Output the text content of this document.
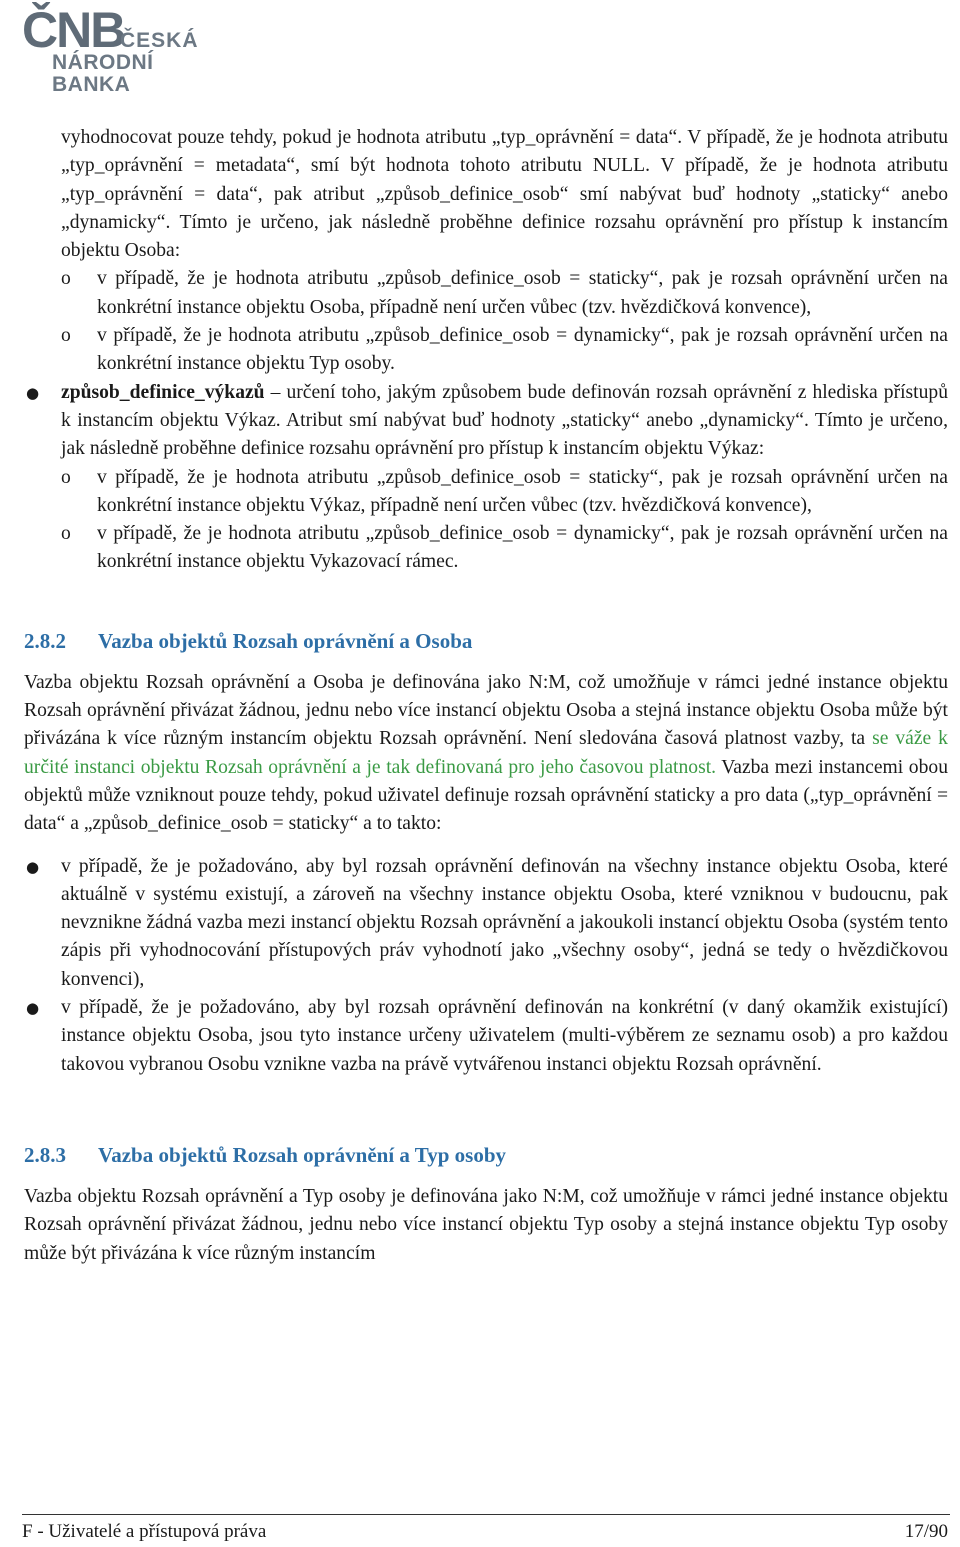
ČNB
ČESKÁ
NÁRODNÍ BANKA

vyhodnocovat pouze tehdy, pokud je hodnota atributu „typ_oprávnění = data“. V případě, že je hodnota atributu „typ_oprávnění = metadata“, smí být hodnota tohoto atributu NULL. V případě, že je hodnota atributu „typ_oprávnění = data“, pak atribut „způsob_definice_osob“ smí nabývat buď hodnoty „staticky“ anebo „dynamicky“. Tímto je určeno, jak následně proběhne definice rozsahu oprávnění pro přístup k instancím objektu Osoba:

o v případě, že je hodnota atributu „způsob_definice_osob = staticky“, pak je rozsah oprávnění určen na konkrétní instance objektu Osoba, případně není určen vůbec (tzv. hvězdičková konvence),
o v případě, že je hodnota atributu „způsob_definice_osob = dynamicky“, pak je rozsah oprávnění určen na konkrétní instance objektu Typ osoby.
● způsob_definice_výkazů – určení toho, jakým způsobem bude definován rozsah oprávnění z hlediska přístupů k instancím objektu Výkaz. Atribut smí nabývat buď hodnoty „staticky“ anebo „dynamicky“. Tímto je určeno, jak následně proběhne definice rozsahu oprávnění pro přístup k instancím objektu Výkaz:
o v případě, že je hodnota atributu „způsob_definice_osob = staticky“, pak je rozsah oprávnění určen na konkrétní instance objektu Výkaz, případně není určen vůbec (tzv. hvězdičková konvence),
o v případě, že je hodnota atributu „způsob_definice_osob = dynamicky“, pak je rozsah oprávnění určen na konkrétní instance objektu Vykazovací rámec.
2.8.2 Vazba objektů Rozsah oprávnění a Osoba

Vazba objektu Rozsah oprávnění a Osoba je definována jako N:M, což umožňuje v rámci jedné instance objektu Rozsah oprávnění přivázat žádnou, jednu nebo více instancí objektu Osoba a stejná instance objektu Osoba může být přivázána k více různým instancím objektu Rozsah oprávnění. Není sledována časová platnost vazby, ta se váže k určité instanci objektu Rozsah oprávnění a je tak definovaná pro jeho časovou platnost. Vazba mezi instancemi obou objektů může vzniknout pouze tehdy, pokud uživatel definuje rozsah oprávnění staticky a pro data („typ_oprávnění = data“ a „způsob_definice_osob = staticky“ a to takto:

● v případě, že je požadováno, aby byl rozsah oprávnění definován na všechny instance objektu Osoba, které aktuálně v systému existují, a zároveň na všechny instance objektu Osoba, které vzniknou v budoucnu, pak nevznikne žádná vazba mezi instancí objektu Rozsah oprávnění a jakoukoli instancí objektu Osoba (systém tento zápis při vyhodnocování přístupových práv vyhodnotí jako „všechny osoby“, jedná se tedy o hvězdičkovou konvenci),
● v případě, že je požadováno, aby byl rozsah oprávnění definován na konkrétní (v daný okamžik existující) instance objektu Osoba, jsou tyto instance určeny uživatelem (multi-výběrem ze seznamu osob) a pro každou takovou vybranou Osobu vznikne vazba na právě vytvářenou instanci objektu Rozsah oprávnění.
2.8.3 Vazba objektů Rozsah oprávnění a Typ osoby

Vazba objektu Rozsah oprávnění a Typ osoby je definována jako N:M, což umožňuje v rámci jedné instance objektu Rozsah oprávnění přivázat žádnou, jednu nebo více instancí objektu Typ osoby a stejná instance objektu Typ osoby může být přivázána k více různým instancím

F - Uživatelé a přístupová práva	17/90
